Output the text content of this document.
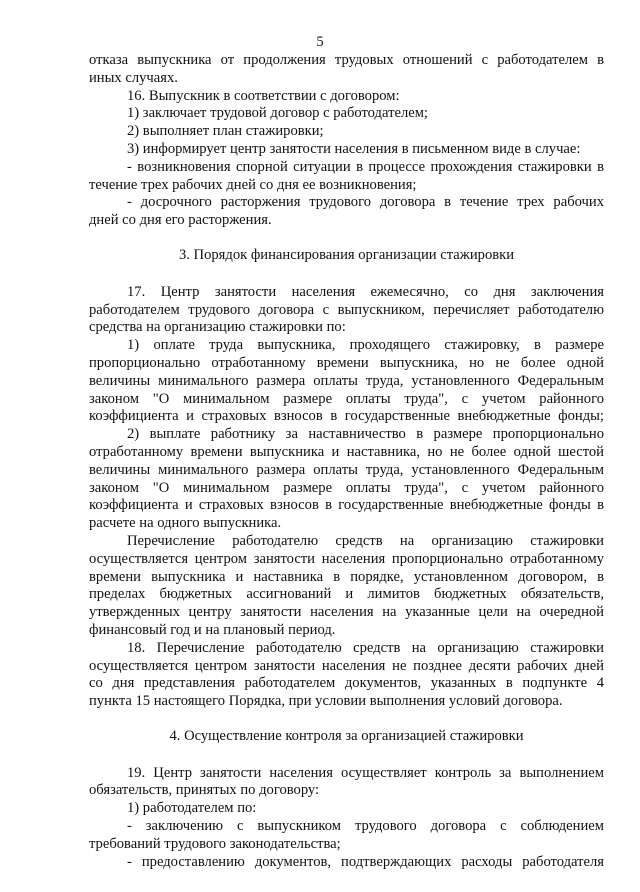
5
отказа выпускника от продолжения трудовых отношений с работодателем в
иных случаях.
16. Выпускник в соответствии с договором:
1) заключает трудовой договор с работодателем;
2) выполняет план стажировки;
3) информирует центр занятости населения в письменном виде в случае:
- возникновения спорной ситуации в процессе прохождения стажировки в
течение трех рабочих дней со дня ее возникновения;
- досрочного расторжения трудового договора в течение трех рабочих
дней со дня его расторжения.
3. Порядок финансирования организации стажировки
17. Центр занятости населения ежемесячно, со дня заключения
работодателем трудового договора с выпускником, перечисляет работодателю
средства на организацию стажировки по:
1) оплате труда выпускника, проходящего стажировку, в размере
пропорционально отработанному времени выпускника, но не более одной
величины минимального размера оплаты труда, установленного Федеральным
законом "О минимальном размере оплаты труда", с учетом районного
коэффициента и страховых взносов в государственные внебюджетные фонды;
2) выплате работнику за наставничество в размере пропорционально
отработанному времени выпускника и наставника, но не более одной шестой
величины минимального размера оплаты труда, установленного Федеральным
законом "О минимальном размере оплаты труда", с учетом районного
коэффициента и страховых взносов в государственные внебюджетные фонды в
расчете на одного выпускника.
Перечисление работодателю средств на организацию стажировки
осуществляется центром занятости населения пропорционально отработанному
времени выпускника и наставника в порядке, установленном договором, в
пределах бюджетных ассигнований и лимитов бюджетных обязательств,
утвержденных центру занятости населения на указанные цели на очередной
финансовый год и на плановый период.
18. Перечисление работодателю средств на организацию стажировки
осуществляется центром занятости населения не позднее десяти рабочих дней
со дня представления работодателем документов, указанных в подпункте 4
пункта 15 настоящего Порядка, при условии выполнения условий договора.
4. Осуществление контроля за организацией стажировки
19. Центр занятости населения осуществляет контроль за выполнением
обязательств, принятых по договору:
1) работодателем по:
- заключению с выпускником трудового договора с соблюдением
требований трудового законодательства;
- предоставлению документов, подтверждающих расходы работодателя
